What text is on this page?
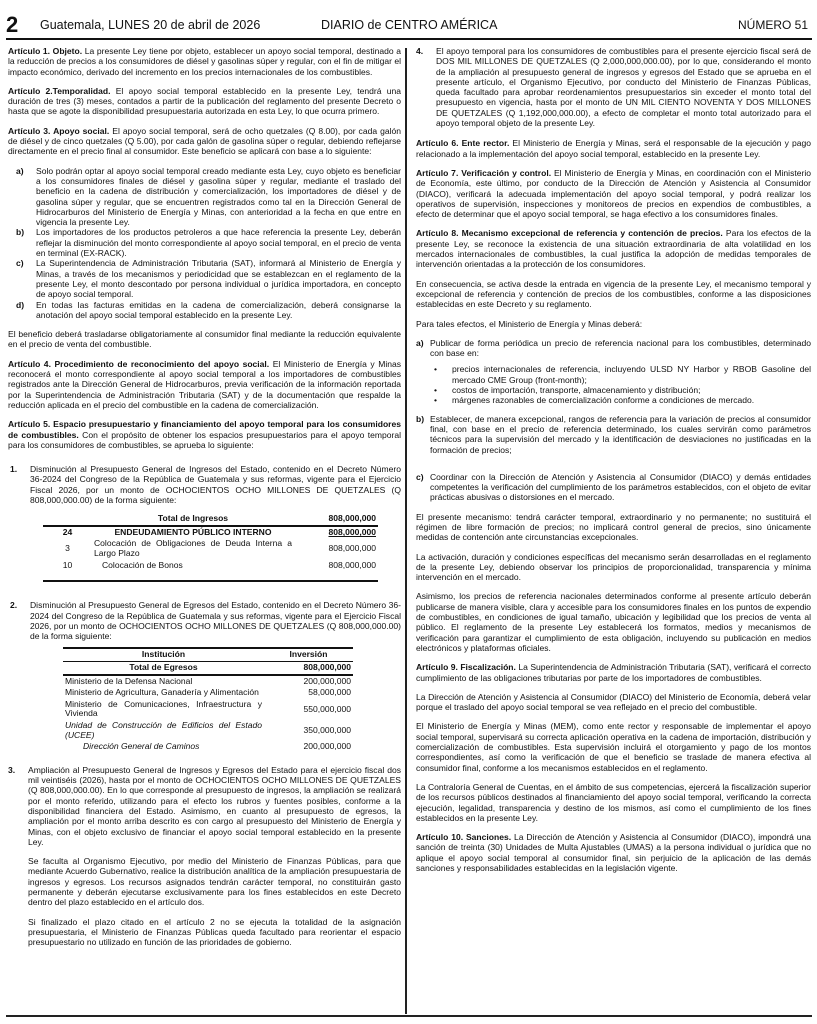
2 Guatemala, LUNES 20 de abril de 2026	DIARIO de CENTRO AMÉRICA	NÚMERO 51

Artículo 1. Objeto. La presente Ley tiene por objeto, establecer un apoyo social temporal, destinado a la reducción de precios a los consumidores de diésel y gasolinas súper y regular, con el fin de mitigar el impacto económico, derivado del incremento en los precios internacionales de los combustibles.

Artículo 2.Temporalidad. El apoyo social temporal establecido en la presente Ley, tendrá una duración de tres (3) meses, contados a partir de la publicación del reglamento del presente Decreto o hasta que se agote la disponibilidad presupuestaria autorizada en esta Ley, lo que ocurra primero.

Artículo 3. Apoyo social. El apoyo social temporal, será de ocho quetzales (Q 8.00), por cada galón de diésel y de cinco quetzales (Q 5.00), por cada galón de gasolina súper o regular, debiendo reflejarse directamente en el precio final al consumidor. Este beneficio se aplicará con base a lo siguiente:

a) Solo podrán optar al apoyo social temporal creado mediante esta Ley, cuyo objeto es beneficiar a los consumidores finales de diésel y gasolina súper y regular, mediante el traslado del beneficio en la cadena de distribución y comercialización, los importadores de diésel y de gasolina súper y regular, que se encuentren registrados como tal en la Dirección General de Hidrocarburos del Ministerio de Energía y Minas, con anterioridad a la fecha en que entre en vigencia la presente Ley.
b) Los importadores de los productos petroleros a que hace referencia la presente Ley, deberán reflejar la disminución del monto correspondiente al apoyo social temporal, en el precio de venta en terminal (EX-RACK).
c) La Superintendencia de Administración Tributaria (SAT), informará al Ministerio de Energía y Minas, a través de los mecanismos y periodicidad que se establezcan en el reglamento de la presente Ley, el monto descontado por persona individual o jurídica importadora, en concepto de apoyo social temporal.
d) En todas las facturas emitidas en la cadena de comercialización, deberá consignarse la anotación del apoyo social temporal establecido en la presente Ley.

El beneficio deberá trasladarse obligatoriamente al consumidor final mediante la reducción equivalente en el precio de venta del combustible.

Artículo 4. Procedimiento de reconocimiento del apoyo social. El Ministerio de Energía y Minas reconocerá el monto correspondiente al apoyo social temporal a los importadores de combustibles registrados ante la Dirección General de Hidrocarburos, previa verificación de la información reportada por la Superintendencia de Administración Tributaria (SAT) y de la documentación que respalde la reducción aplicada en el precio del combustible en la cadena de comercialización.

Artículo 5. Espacio presupuestario y financiamiento del apoyo temporal para los consumidores de combustibles. Con el propósito de obtener los espacios presupuestarios para el apoyo temporal para los consumidores de combustibles, se aprueba lo siguiente:

1. Disminución al Presupuesto General de Ingresos del Estado, contenido en el Decreto Número 36-2024 del Congreso de la República de Guatemala y sus reformas, vigente para el Ejercicio Fiscal 2026, por un monto de OCHOCIENTOS OCHO MILLONES DE QUETZALES (Q 808,000,000.00) de la forma siguiente:
	Total de Ingresos	808,000,000
24	ENDEUDAMIENTO PÚBLICO INTERNO	808,000,000
3	Colocación de Obligaciones de Deuda Interna a Largo Plazo	808,000,000
10	Colocación de Bonos	808,000,000
2. Disminución al Presupuesto General de Egresos del Estado, contenido en el Decreto Número 36-2024 del Congreso de la República de Guatemala y sus reformas, vigente para el Ejercicio Fiscal 2026, por un monto de OCHOCIENTOS OCHO MILLONES DE QUETZALES (Q 808,000,000.00) de la forma siguiente:
Institución	Inversión
Total de Egresos	808,000,000
Ministerio de la Defensa Nacional	200,000,000
Ministerio de Agricultura, Ganadería y Alimentación	58,000,000
Ministerio de Comunicaciones, Infraestructura y Vivienda	550,000,000
Unidad de Construcción de Edificios del Estado (UCEE)	350,000,000
Dirección General de Caminos	200,000,000
3. Ampliación al Presupuesto General de Ingresos y Egresos del Estado para el ejercicio fiscal dos mil veintiséis (2026), hasta por el monto de OCHOCIENTOS OCHO MILLONES DE QUETZALES (Q 808,000,000.00). En lo que corresponde al presupuesto de ingresos, la ampliación se realizará por el monto referido, utilizando para el efecto los rubros y fuentes posibles, conforme a la disponibilidad financiera del Estado. Asimismo, en cuanto al presupuesto de egresos, la ampliación por el monto arriba descrito es con cargo al presupuesto del Ministerio de Energía y Minas, con el objeto exclusivo de financiar el apoyo social temporal establecido en la presente Ley.

Se faculta al Organismo Ejecutivo, por medio del Ministerio de Finanzas Públicas, para que mediante Acuerdo Gubernativo, realice la distribución analítica de la ampliación presupuestaria de ingresos y egresos. Los recursos asignados tendrán carácter temporal, no constituirán gasto permanente y deberán ejecutarse exclusivamente para los fines establecidos en este Decreto dentro del plazo establecido en el artículo dos.

Si finalizado el plazo citado en el artículo 2 no se ejecuta la totalidad de la asignación presupuestaria, el Ministerio de Finanzas Públicas queda facultado para reorientar el espacio presupuestario no utilizado en función de las prioridades de gobierno.

4. El apoyo temporal para los consumidores de combustibles para el presente ejercicio fiscal será de DOS MIL MILLONES DE QUETZALES (Q 2,000,000,000.00), por lo que, considerando el monto de la ampliación al presupuesto general de ingresos y egresos del Estado que se aprueba en el presente artículo, el Organismo Ejecutivo, por conducto del Ministerio de Finanzas Públicas, queda facultado para aprobar reordenamientos presupuestarios sin exceder el monto total del presupuesto en vigencia, hasta por el monto de UN MIL CIENTO NOVENTA Y DOS MILLONES DE QUETZALES (Q 1,192,000,000.00), a efecto de completar el monto total autorizado para el apoyo temporal objeto de la presente Ley.

Artículo 6. Ente rector. El Ministerio de Energía y Minas, será el responsable de la ejecución y pago relacionado a la implementación del apoyo social temporal, establecido en la presente Ley.

Artículo 7. Verificación y control. El Ministerio de Energía y Minas, en coordinación con el Ministerio de Economía, este último, por conducto de la Dirección de Atención y Asistencia al Consumidor (DIACO), verificará la adecuada implementación del apoyo social temporal, y podrá realizar los operativos de supervisión, inspecciones y monitoreos de precios en expendios de combustibles, a efecto de determinar que el apoyo social temporal, se haga efectivo a los consumidores finales.

Artículo 8. Mecanismo excepcional de referencia y contención de precios. Para los efectos de la presente Ley, se reconoce la existencia de una situación extraordinaria de alta volatilidad en los mercados internacionales de combustibles, la cual justifica la adopción de medidas temporales de intervención orientadas a la protección de los consumidores.

En consecuencia, se activa desde la entrada en vigencia de la presente Ley, el mecanismo temporal y excepcional de referencia y contención de precios de los combustibles, conforme a las disposiciones establecidas en este Decreto y su reglamento.

Para tales efectos, el Ministerio de Energía y Minas deberá:

a) Publicar de forma periódica un precio de referencia nacional para los combustibles, determinado con base en:
• precios internacionales de referencia, incluyendo ULSD NY Harbor y RBOB Gasoline del mercado CME Group (front-month);
• costos de importación, transporte, almacenamiento y distribución;
• márgenes razonables de comercialización conforme a condiciones de mercado.
b) Establecer, de manera excepcional, rangos de referencia para la variación de precios al consumidor final, con base en el precio de referencia determinado, los cuales servirán como parámetros técnicos para la supervisión del mercado y la identificación de desviaciones no justificadas en la formación de precios;
c) Coordinar con la Dirección de Atención y Asistencia al Consumidor (DIACO) y demás entidades competentes la verificación del cumplimiento de los parámetros establecidos, con el objeto de evitar prácticas abusivas o distorsiones en el mercado.

El presente mecanismo: tendrá carácter temporal, extraordinario y no permanente; no sustituirá el régimen de libre formación de precios; no implicará control general de precios, sino únicamente medidas de contención ante circunstancias excepcionales.

La activación, duración y condiciones específicas del mecanismo serán desarrolladas en el reglamento de la presente Ley, debiendo observar los principios de proporcionalidad, transparencia y mínima intervención en el mercado.

Asimismo, los precios de referencia nacionales determinados conforme al presente artículo deberán publicarse de manera visible, clara y accesible para los consumidores finales en los puntos de expendio de combustibles, en condiciones de igual tamaño, ubicación y legibilidad que los precios de venta al público. El reglamento de la presente Ley establecerá los formatos, medios y mecanismos de verificación para garantizar el cumplimiento de esta obligación, incluyendo su publicación en medios electrónicos y plataformas oficiales.

Artículo 9. Fiscalización. La Superintendencia de Administración Tributaria (SAT), verificará el correcto cumplimiento de las obligaciones tributarias por parte de los importadores de combustibles.

La Dirección de Atención y Asistencia al Consumidor (DIACO) del Ministerio de Economía, deberá velar porque el traslado del apoyo social temporal se vea reflejado en el precio del combustible.

El Ministerio de Energía y Minas (MEM), como ente rector y responsable de implementar el apoyo social temporal, supervisará su correcta aplicación operativa en la cadena de importación, distribución y comercialización de combustibles. Esta supervisión incluirá el otorgamiento y pago de los montos correspondientes, así como la verificación de que el beneficio se traslade de manera efectiva al consumidor final, conforme a los mecanismos establecidos en el reglamento.

La Contraloría General de Cuentas, en el ámbito de sus competencias, ejercerá la fiscalización superior de los recursos públicos destinados al financiamiento del apoyo social temporal, verificando la correcta ejecución, legalidad, transparencia y destino de los mismos, así como el cumplimiento de los fines establecidos en la presente Ley.

Artículo 10. Sanciones. La Dirección de Atención y Asistencia al Consumidor (DIACO), impondrá una sanción de treinta (30) Unidades de Multa Ajustables (UMAS) a la persona individual o jurídica que no aplique el apoyo social temporal al consumidor final, sin perjuicio de la aplicación de las demás sanciones y responsabilidades establecidas en la legislación vigente.
